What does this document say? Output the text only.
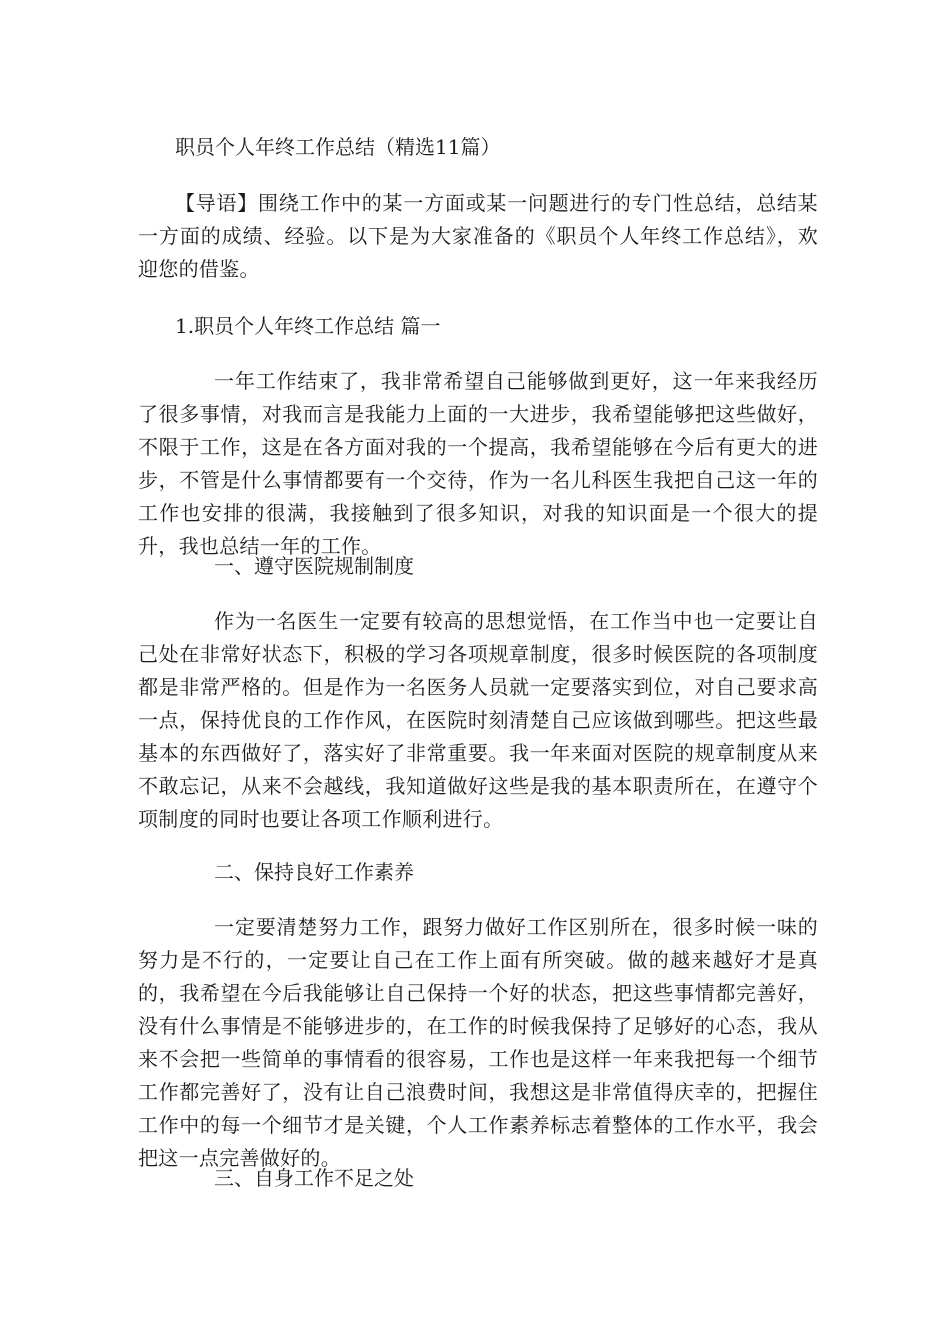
职员个人年终工作总结（精选11篇）

【导语】围绕工作中的某一方面或某一问题进行的专门性总结，总结某一方面的成绩、经验。以下是为大家准备的《职员个人年终工作总结》，欢迎您的借鉴。

1.职员个人年终工作总结 篇一

一年工作结束了，我非常希望自己能够做到更好，这一年来我经历了很多事情，对我而言是我能力上面的一大进步，我希望能够把这些做好，不限于工作，这是在各方面对我的一个提高，我希望能够在今后有更大的进步，不管是什么事情都要有一个交待，作为一名儿科医生我把自己这一年的工作也安排的很满，我接触到了很多知识，对我的知识面是一个很大的提升，我也总结一年的工作。

一、遵守医院规制制度

作为一名医生一定要有较高的思想觉悟，在工作当中也一定要让自己处在非常好状态下，积极的学习各项规章制度，很多时候医院的各项制度都是非常严格的。但是作为一名医务人员就一定要落实到位，对自己要求高一点，保持优良的工作作风，在医院时刻清楚自己应该做到哪些。把这些最基本的东西做好了，落实好了非常重要。我一年来面对医院的规章制度从来不敢忘记，从来不会越线，我知道做好这些是我的基本职责所在，在遵守个项制度的同时也要让各项工作顺利进行。

二、保持良好工作素养

一定要清楚努力工作，跟努力做好工作区别所在，很多时候一味的努力是不行的，一定要让自己在工作上面有所突破。做的越来越好才是真的，我希望在今后我能够让自己保持一个好的状态，把这些事情都完善好，没有什么事情是不能够进步的，在工作的时候我保持了足够好的心态，我从来不会把一些简单的事情看的很容易，工作也是这样一年来我把每一个细节工作都完善好了，没有让自己浪费时间，我想这是非常值得庆幸的，把握住工作中的每一个细节才是关键，个人工作素养标志着整体的工作水平，我会把这一点完善做好的。

三、自身工作不足之处
